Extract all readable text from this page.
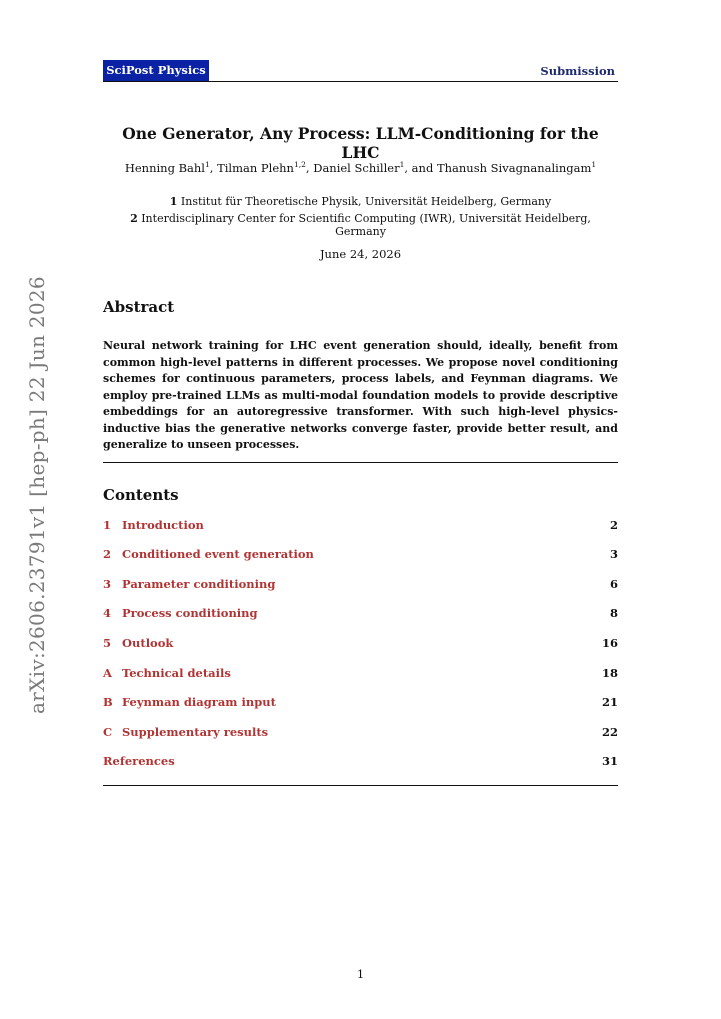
SciPost Physics	Submission
arXiv:2606.23791v1 [hep-ph] 22 Jun 2026
One Generator, Any Process: LLM-Conditioning for the LHC
Henning Bahl$^1$, Tilman Plehn$^{1,2}$, Daniel Schiller$^1$, and Thanush Sivagnanalingam$^1$
1 Institut für Theoretische Physik, Universität Heidelberg, Germany
2 Interdisciplinary Center for Scientific Computing (IWR), Universität Heidelberg, Germany
June 24, 2026
Abstract
Neural network training for LHC event generation should, ideally, benefit from common high-level patterns in different processes. We propose novel conditioning schemes for continuous parameters, process labels, and Feynman diagrams. We employ pre-trained LLMs as multi-modal foundation models to provide descriptive embeddings for an autoregressive transformer. With such high-level physics-inductive bias the generative networks converge faster, provide better result, and generalize to unseen processes.
Contents
1 Introduction	2
2 Conditioned event generation	3
3 Parameter conditioning	6
4 Process conditioning	8
5 Outlook	16
A Technical details	18
B Feynman diagram input	21
C Supplementary results	22
References	31
1
